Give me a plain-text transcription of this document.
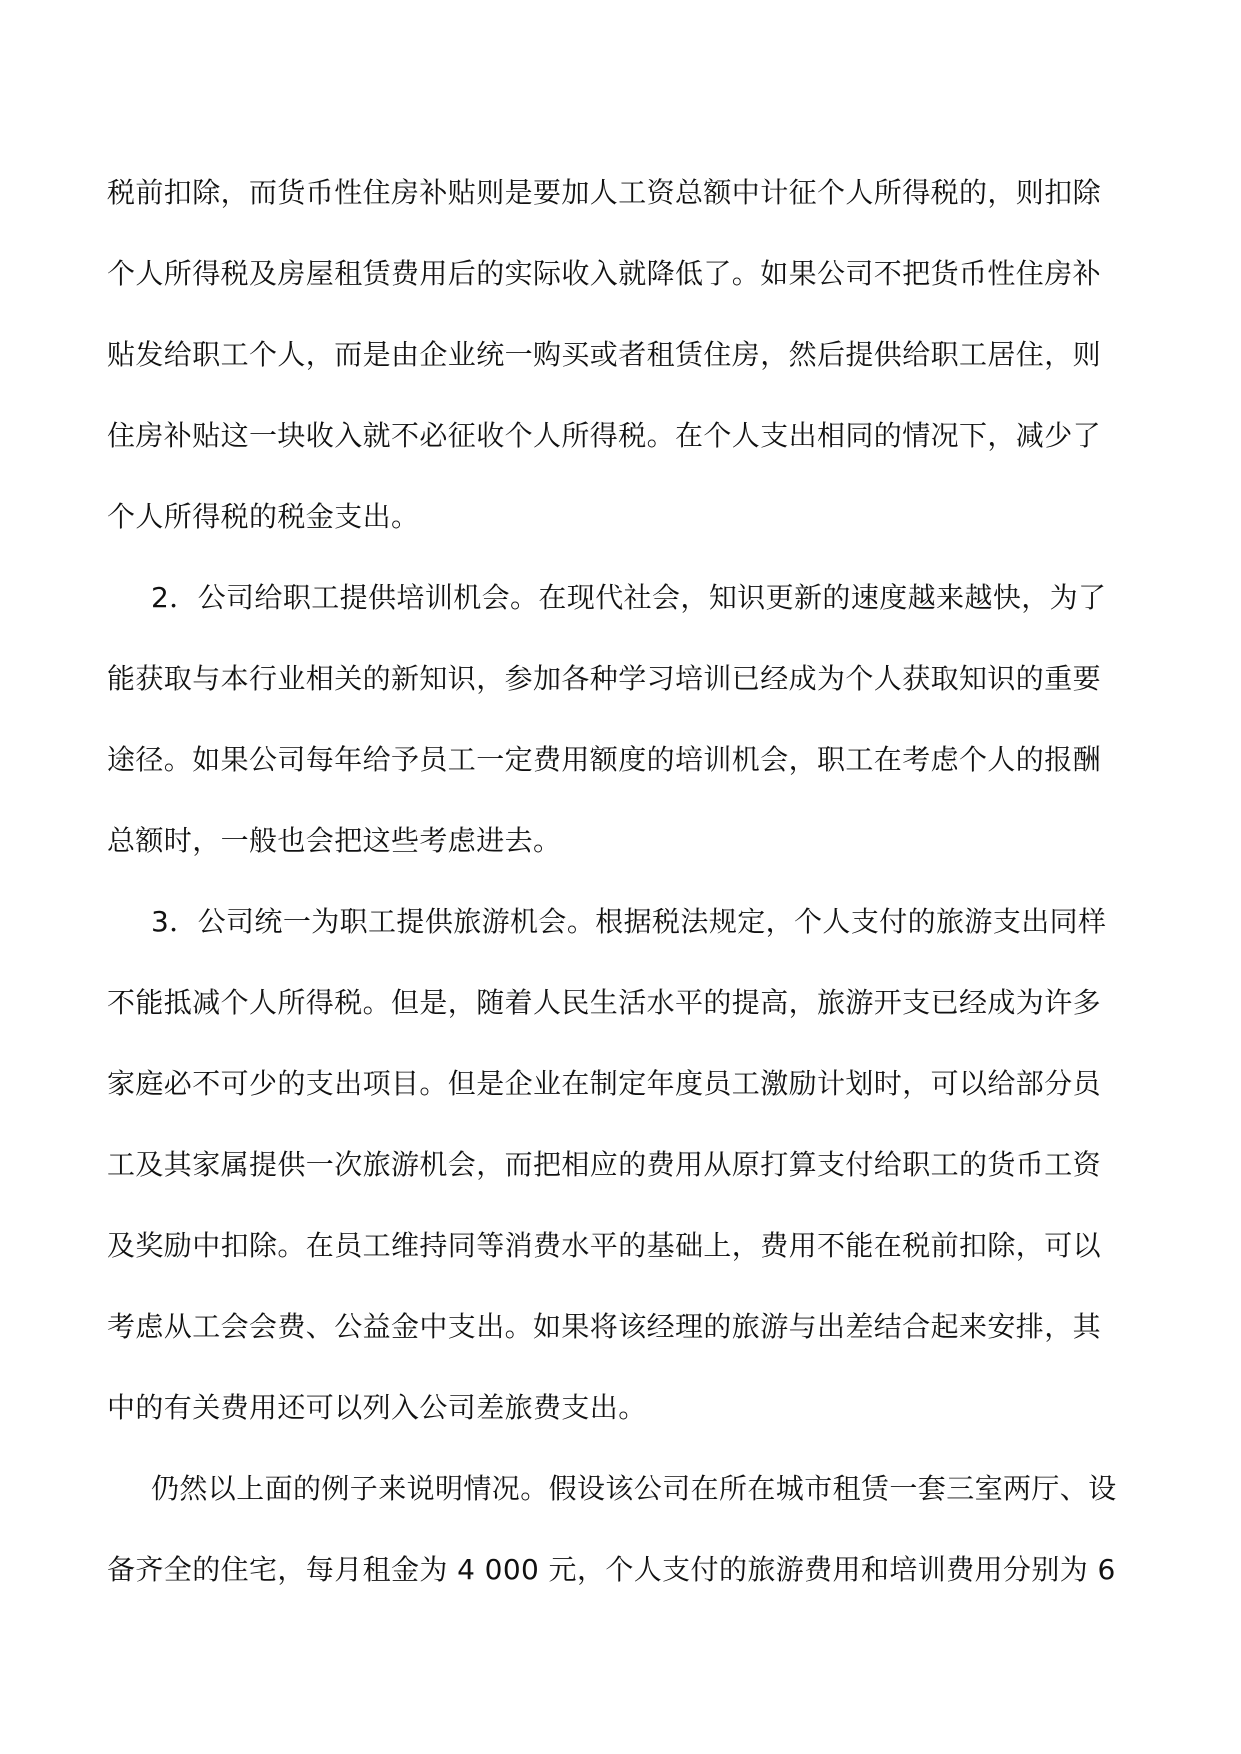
税前扣除，而货币性住房补贴则是要加人工资总额中计征个人所得税的，则扣除
个人所得税及房屋租赁费用后的实际收入就降低了。如果公司不把货币性住房补
贴发给职工个人，而是由企业统一购买或者租赁住房，然后提供给职工居住，则
住房补贴这一块收入就不必征收个人所得税。在个人支出相同的情况下，减少了
个人所得税的税金支出。
2．公司给职工提供培训机会。在现代社会，知识更新的速度越来越快，为了
能获取与本行业相关的新知识，参加各种学习培训已经成为个人获取知识的重要
途径。如果公司每年给予员工一定费用额度的培训机会，职工在考虑个人的报酬
总额时，一般也会把这些考虑进去。
3．公司统一为职工提供旅游机会。根据税法规定，个人支付的旅游支出同样
不能抵减个人所得税。但是，随着人民生活水平的提高，旅游开支已经成为许多
家庭必不可少的支出项目。但是企业在制定年度员工激励计划时，可以给部分员
工及其家属提供一次旅游机会，而把相应的费用从原打算支付给职工的货币工资
及奖励中扣除。在员工维持同等消费水平的基础上，费用不能在税前扣除，可以
考虑从工会会费、公益金中支出。如果将该经理的旅游与出差结合起来安排，其
中的有关费用还可以列入公司差旅费支出。
仍然以上面的例子来说明情况。假设该公司在所在城市租赁一套三室两厅、设
备齐全的住宅，每月租金为 4 000 元，个人支付的旅游费用和培训费用分别为 6
